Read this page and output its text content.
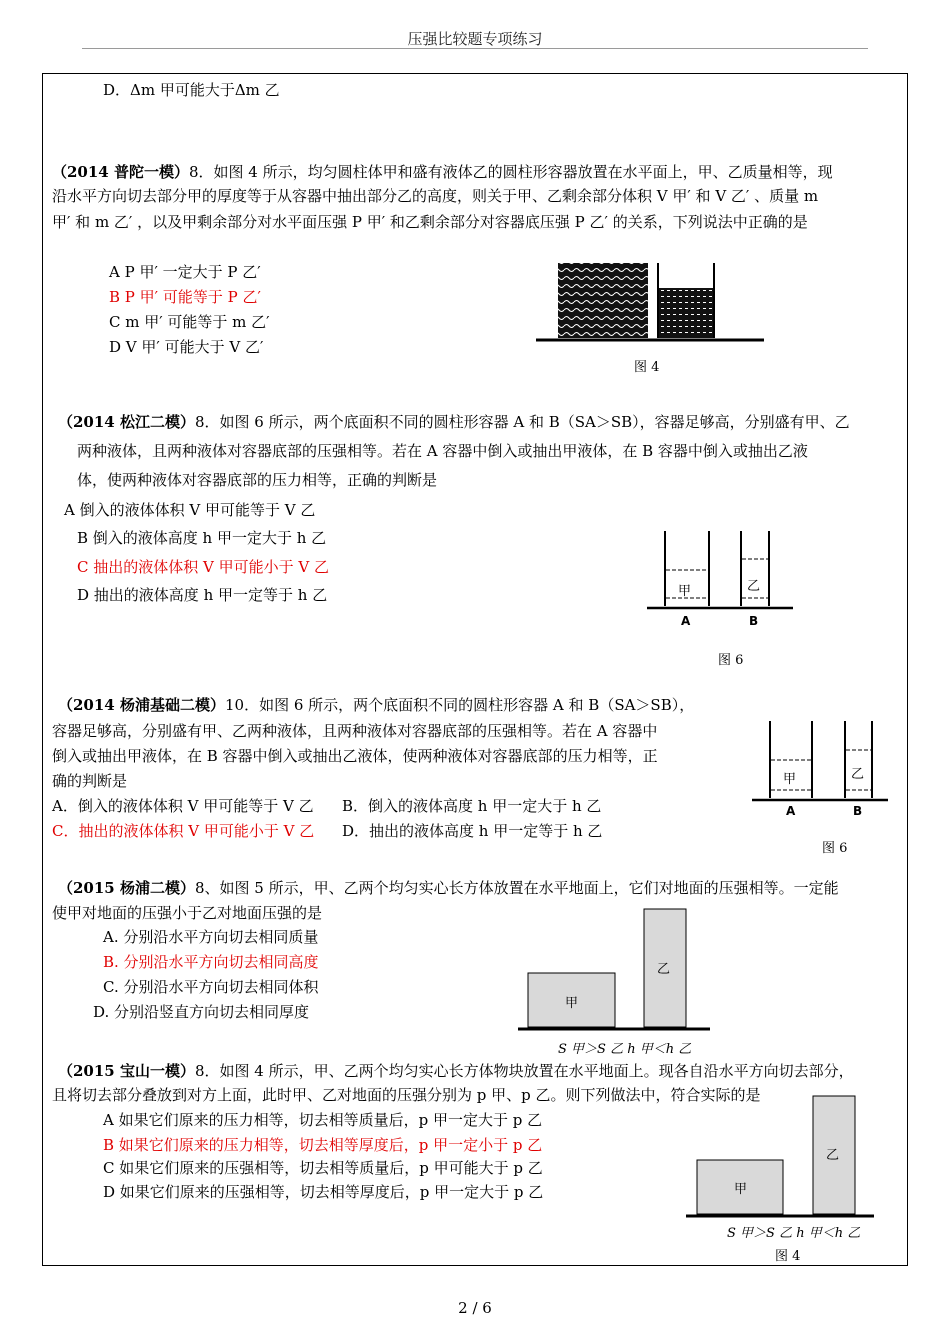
压强比较题专项练习
D．Δm 甲可能大于Δm 乙
（2014 普陀一模）8．如图 4 所示，均匀圆柱体甲和盛有液体乙的圆柱形容器放置在水平面上，甲、乙质量相等，现
沿水平方向切去部分甲的厚度等于从容器中抽出部分乙的高度，则关于甲、乙剩余部分体积 V 甲′ 和 V 乙′ 、质量 m
甲′ 和 m 乙′ ，以及甲剩余部分对水平面压强 P 甲′ 和乙剩余部分对容器底压强 P 乙′ 的关系，下列说法中正确的是
A P 甲′ 一定大于 P 乙′
B P 甲′ 可能等于 P 乙′
C m 甲′ 可能等于 m 乙′
D V 甲′ 可能大于 V 乙′
图 4
（2014 松江二模）8．如图 6 所示，两个底面积不同的圆柱形容器 A 和 B（SA＞SB），容器足够高，分别盛有甲、乙
两种液体，且两种液体对容器底部的压强相等。若在 A 容器中倒入或抽出甲液体，在 B 容器中倒入或抽出乙液
体，使两种液体对容器底部的压力相等，正确的判断是
A 倒入的液体体积 V 甲可能等于 V 乙
B 倒入的液体高度 h 甲一定大于 h 乙
C 抽出的液体体积 V 甲可能小于 V 乙
D 抽出的液体高度 h 甲一定等于 h 乙	甲	乙
A	B
图 6
（2014 杨浦基础二模）10．如图 6 所示，两个底面积不同的圆柱形容器 A 和 B（SA＞SB），
容器足够高，分别盛有甲、乙两种液体，且两种液体对容器底部的压强相等。若在 A 容器中
倒入或抽出甲液体，在 B 容器中倒入或抽出乙液体，使两种液体对容器底部的压力相等，正
确的判断是
A．倒入的液体体积 V 甲可能等于 V 乙 B．倒入的液体高度 h 甲一定大于 h 乙
C．抽出的液体体积 V 甲可能小于 V 乙 D．抽出的液体高度 h 甲一定等于 h 乙
甲	乙
A	B
图 6
（2015 杨浦二模）8、如图 5 所示，甲、乙两个均匀实心长方体放置在水平地面上，它们对地面的压强相等。一定能
使甲对地面的压强小于乙对地面压强的是
A. 分别沿水平方向切去相同质量
B. 分别沿水平方向切去相同高度
C. 分别沿水平方向切去相同体积
D. 分别沿竖直方向切去相同厚度	甲
乙
S 甲＞S 乙 h 甲＜h 乙
（2015 宝山一模）8．如图 4 所示，甲、乙两个均匀实心长方体物块放置在水平地面上。现各自沿水平方向切去部分，
且将切去部分叠放到对方上面，此时甲、乙对地面的压强分别为 p 甲、p 乙。则下列做法中，符合实际的是
A 如果它们原来的压力相等，切去相等质量后，p 甲一定大于 p 乙
B 如果它们原来的压力相等，切去相等厚度后，p 甲一定小于 p 乙
C 如果它们原来的压强相等，切去相等质量后，p 甲可能大于 p 乙
D 如果它们原来的压强相等，切去相等厚度后，p 甲一定大于 p 乙	甲
乙
S 甲＞S 乙 h 甲＜h 乙
图 4
2 / 6
